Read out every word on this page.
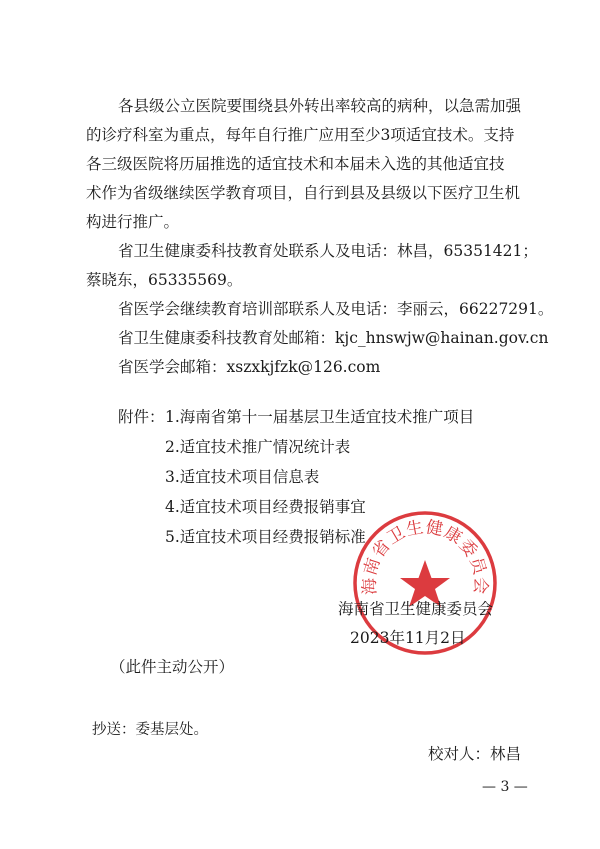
各县级公立医院要围绕县外转出率较高的病种，以急需加强
的诊疗科室为重点，每年自行推广应用至少3项适宜技术。支持
各三级医院将历届推选的适宜技术和本届未入选的其他适宜技
术作为省级继续医学教育项目，自行到县及县级以下医疗卫生机
构进行推广。
省卫生健康委科技教育处联系人及电话：林昌，65351421；
蔡晓东，65335569。
省医学会继续教育培训部联系人及电话：李丽云，66227291。
省卫生健康委科技教育处邮箱：kjc_hnswjw@hainan.gov.cn
省医学会邮箱：xszxkjfzk@126.com
附件： 1.海南省第十一届基层卫生适宜技术推广项目
2.适宜技术推广情况统计表
3.适宜技术项目信息表
4.适宜技术项目经费报销事宜
5.适宜技术项目经费报销标准
海南省卫生健康委员会
海南省卫生健康委员会
2023年11月2日
（此件主动公开）
抄送：委基层处。
校对人：林昌
— 3 —
